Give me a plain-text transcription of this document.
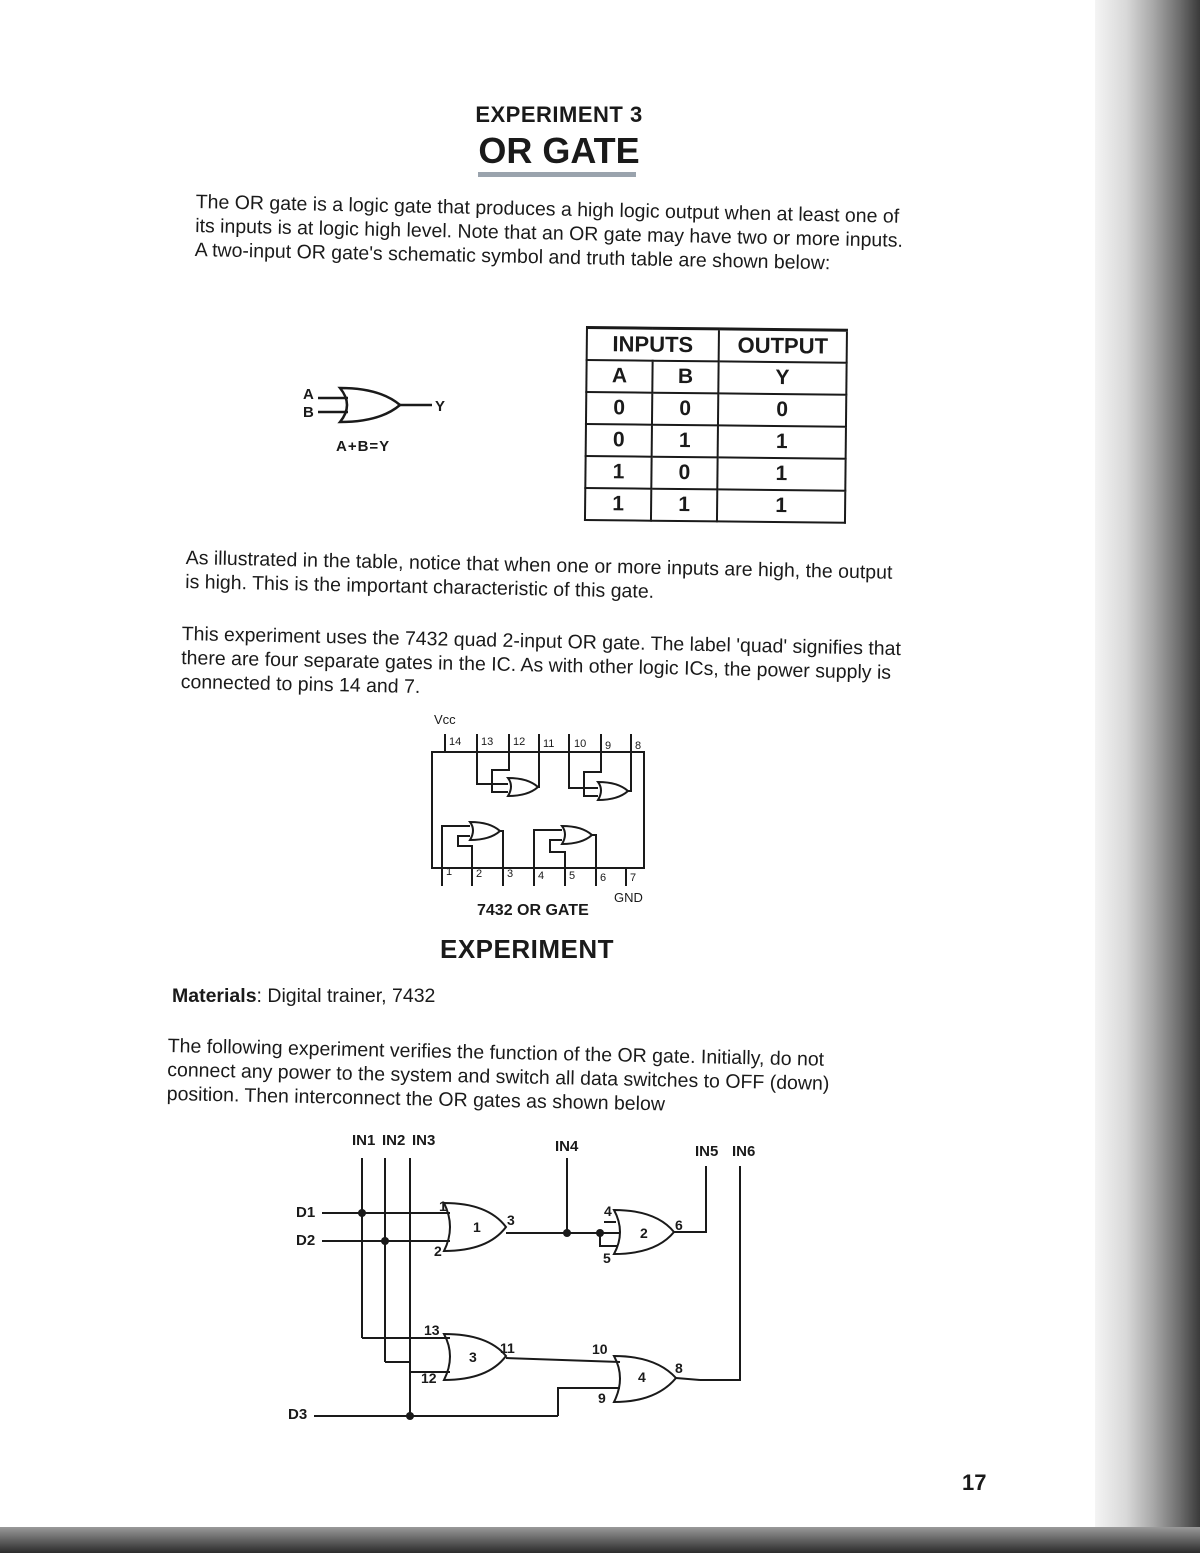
EXPERIMENT 3
OR GATE

The OR gate is a logic gate that produces a high logic output when at least one of its inputs is at logic high level. Note that an OR gate may have two or more inputs. A two-input OR gate's schematic symbol and truth table are shown below:

A
B	Y
A+B=Y
INPUTS		OUTPUT
A	B	Y
0	0	0
0	1	1
1	0	1
1	1	1

As illustrated in the table, notice that when one or more inputs are high, the output is high. This is the important characteristic of this gate.

This experiment uses the 7432 quad 2-input OR gate. The label 'quad' signifies that there are four separate gates in the IC. As with other logic ICs, the power supply is connected to pins 14 and 7.

Vcc
14 13 12 11 10 9 8
1 2 3 4 5 6 7
GND
7432 OR GATE
EXPERIMENT

Materials: Digital trainer, 7432

The following experiment verifies the function of the OR gate. Initially, do not connect any power to the system and switch all data switches to OFF (down) position. Then interconnect the OR gates as shown below

IN1 IN2 IN3	IN4	IN5 IN6
D1
D2
D3
1	2
3
4
1
2
3
4
5
6
13
12
11	10
9
8
17
